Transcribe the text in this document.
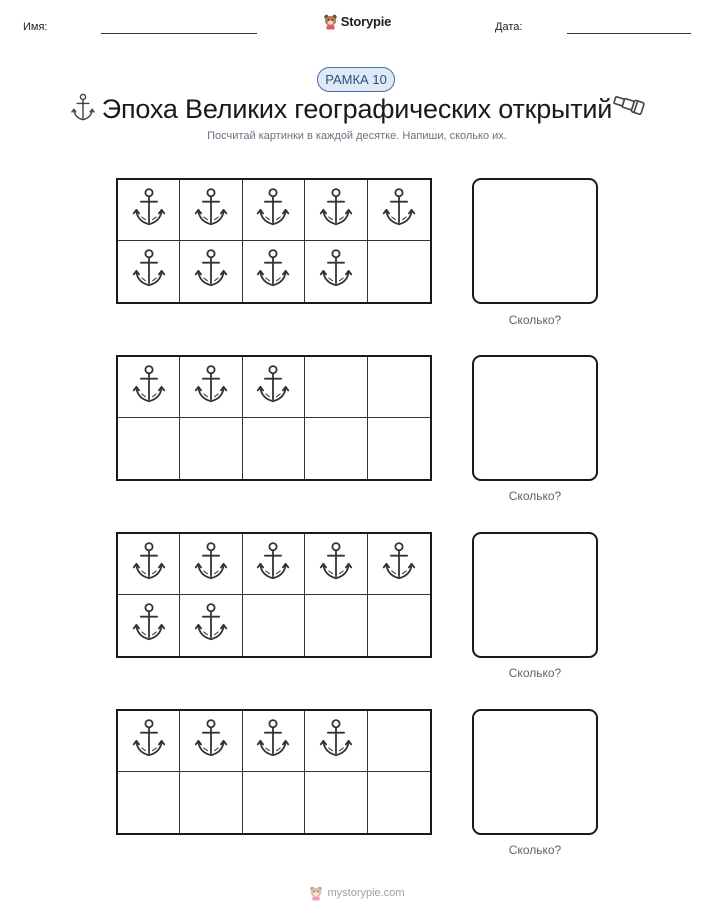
Имя:	Storypie	Дата:
РАМКА 10
Эпоха Великих географических открытий

Посчитай картинки в каждой десятке. Напиши, сколько их.

Сколько?
Сколько?
Сколько?
Сколько?
mystorypie.com
